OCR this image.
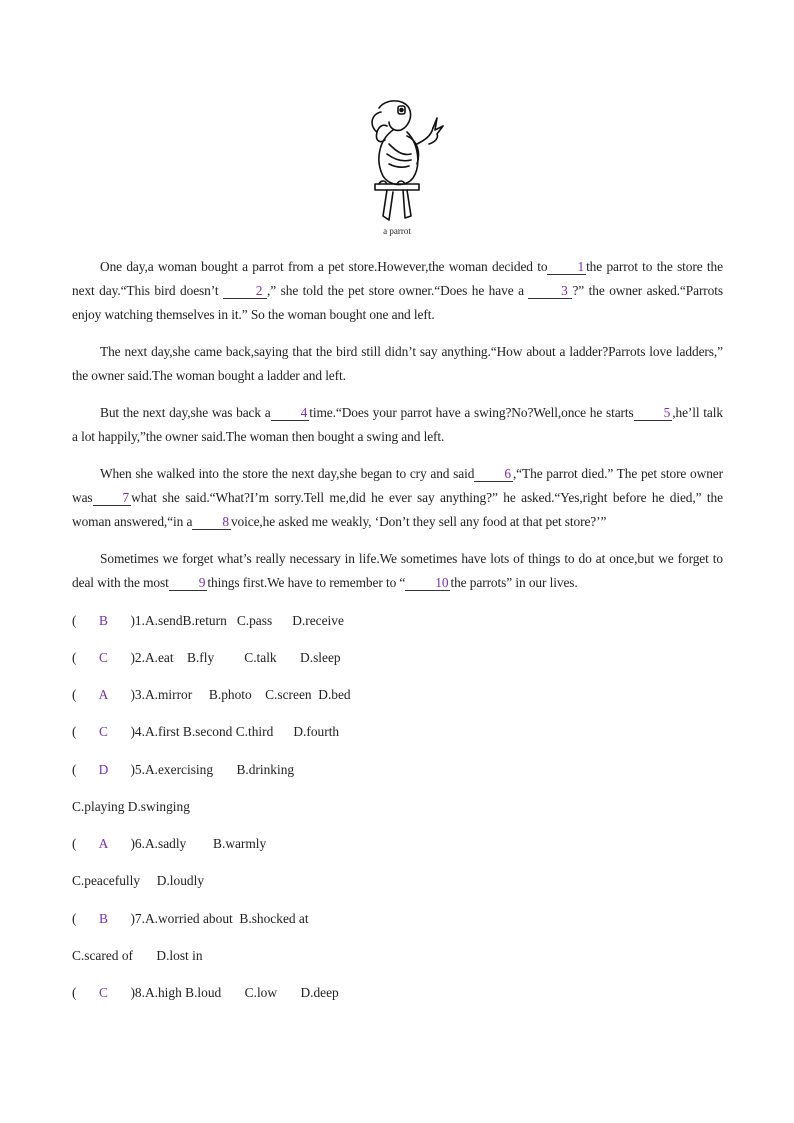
a parrot

One day,a woman bought a parrot from a pet store.However,the woman decided to 1 the parrot to the store the next day.“This bird doesn’t 2 ,” she told the pet store owner.“Does he have a 3 ?” the owner asked.“Parrots enjoy watching themselves in it.” So the woman bought one and left.

The next day,she came back,saying that the bird still didn’t say anything.“How about a ladder?Parrots love ladders,” the owner said.The woman bought a ladder and left.

But the next day,she was back a 4 time.“Does your parrot have a swing?No?Well,once he starts 5 ,he’ll talk a lot happily,”the owner said.The woman then bought a swing and left.

When she walked into the store the next day,she began to cry and said 6 ,“The parrot died.” The pet store owner was 7 what she said.“What?I’m sorry.Tell me,did he ever say anything?” he asked.“Yes,right before he died,” the woman answered,“in a 8 voice,he asked me weakly, ‘Don’t they sell any food at that pet store?’”

Sometimes we forget what’s really necessary in life.We sometimes have lots of things to do at once,but we forget to deal with the most 9 things first.We have to remember to “ 10 the parrots” in our lives.

( B )1.A.sendB.return   C.pass      D.receive
( C )2.A.eat    B.fly         C.talk       D.sleep
( A )3.A.mirror     B.photo    C.screen  D.bed
( C )4.A.first B.second C.third      D.fourth
( D )5.A.exercising       B.drinking
C.playing D.swinging
( A )6.A.sadly        B.warmly
C.peacefully     D.loudly
( B )7.A.worried about  B.shocked at
C.scared of       D.lost in
( C )8.A.high B.loud       C.low       D.deep
